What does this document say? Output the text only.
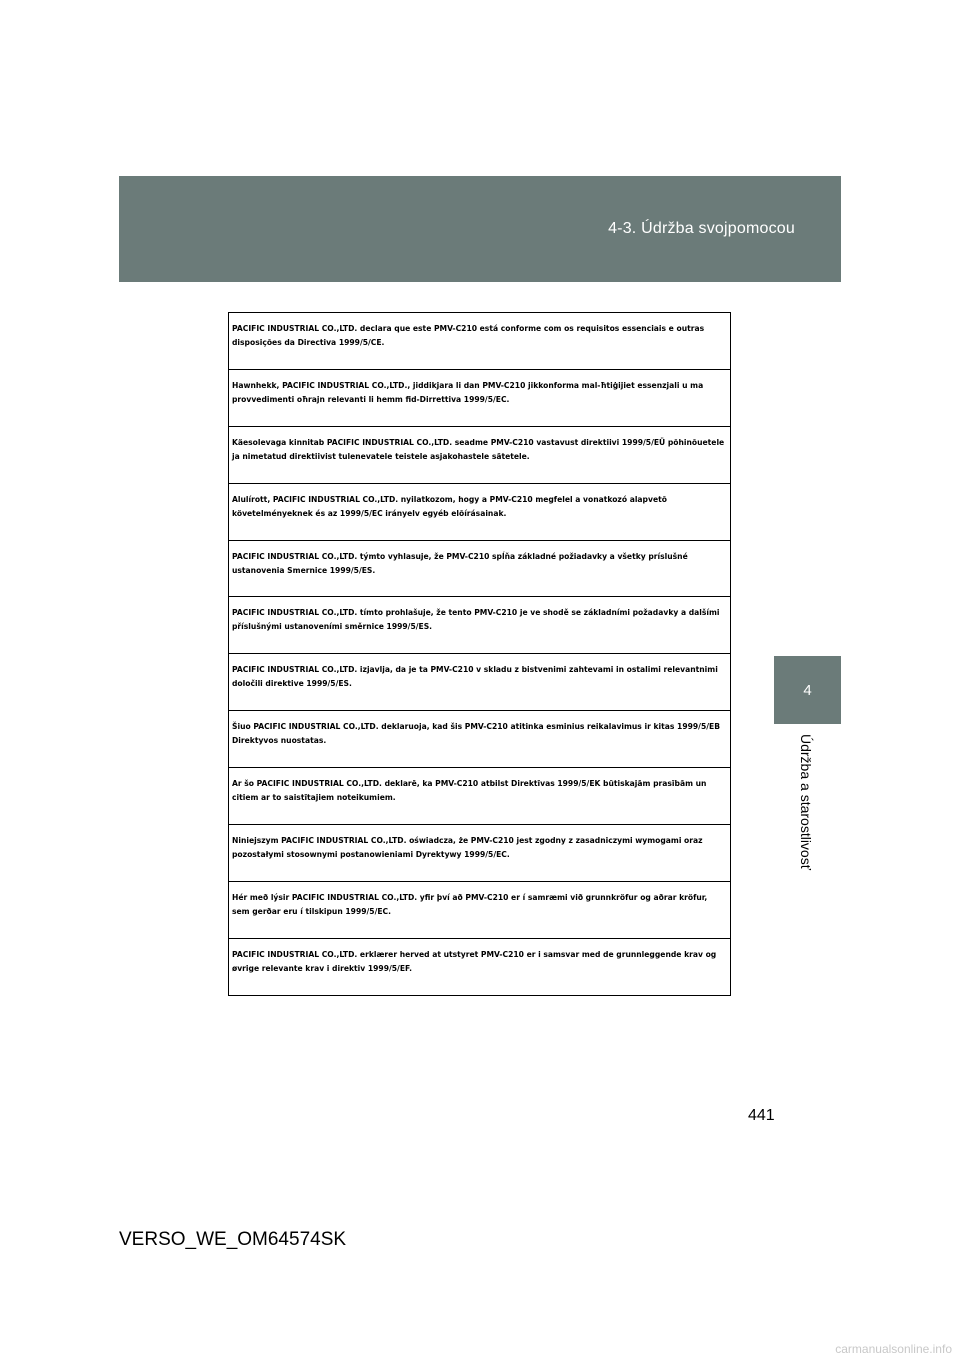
4-3. Údržba svojpomocou
4
Údržba a starostlivosť
PACIFIC INDUSTRIAL CO.,LTD. declara que este PMV-C210 está conforme com os requisitos essenciais e outras disposições da Directiva 1999/5/CE.
Hawnhekk, PACIFIC INDUSTRIAL CO.,LTD., jiddikjara li dan PMV-C210 jikkonforma mal-ħtiġijiet essenzjali u ma provvedimenti oħrajn relevanti li hemm fid-Dirrettiva 1999/5/EC.
Käesolevaga kinnitab PACIFIC INDUSTRIAL CO.,LTD. seadme PMV-C210 vastavust direktiivi 1999/5/EÜ põhinõuetele ja nimetatud direktiivist tulenevatele teistele asjakohastele sätetele.
Alulírott, PACIFIC INDUSTRIAL CO.,LTD. nyilatkozom, hogy a PMV-C210 megfelel a vonatkozó alapvetõ követelményeknek és az 1999/5/EC irányelv egyéb elõírásainak.
PACIFIC INDUSTRIAL CO.,LTD. týmto vyhlasuje, že PMV-C210 spĺňa základné požiadavky a všetky príslušné ustanovenia Smernice 1999/5/ES.
PACIFIC INDUSTRIAL CO.,LTD. tímto prohlašuje, že tento PMV-C210 je ve shodě se základními požadavky a dalšími příslušnými ustanoveními směrnice 1999/5/ES.
PACIFIC INDUSTRIAL CO.,LTD. izjavlja, da je ta PMV-C210 v skladu z bistvenimi zahtevami in ostalimi relevantnimi določili direktive 1999/5/ES.
Šiuo PACIFIC INDUSTRIAL CO.,LTD. deklaruoja, kad šis PMV-C210 atitinka esminius reikalavimus ir kitas 1999/5/EB Direktyvos nuostatas.
Ar šo PACIFIC INDUSTRIAL CO.,LTD. deklarē, ka PMV-C210 atbilst Direktīvas 1999/5/EK būtiskajām prasībām un citiem ar to saistītajiem noteikumiem.
Niniejszym PACIFIC INDUSTRIAL CO.,LTD. oświadcza, że PMV-C210 jest zgodny z zasadniczymi wymogami oraz pozostałymi stosownymi postanowieniami Dyrektywy 1999/5/EC.
Hér með lýsir PACIFIC INDUSTRIAL CO.,LTD. yfir því að PMV-C210 er í samræmi við grunnkröfur og aðrar kröfur, sem gerðar eru í tilskipun 1999/5/EC.
PACIFIC INDUSTRIAL CO.,LTD. erklærer herved at utstyret PMV-C210 er i samsvar med de grunnleggende krav og øvrige relevante krav i direktiv 1999/5/EF.
441
VERSO_WE_OM64574SK
carmanualsonline.info
